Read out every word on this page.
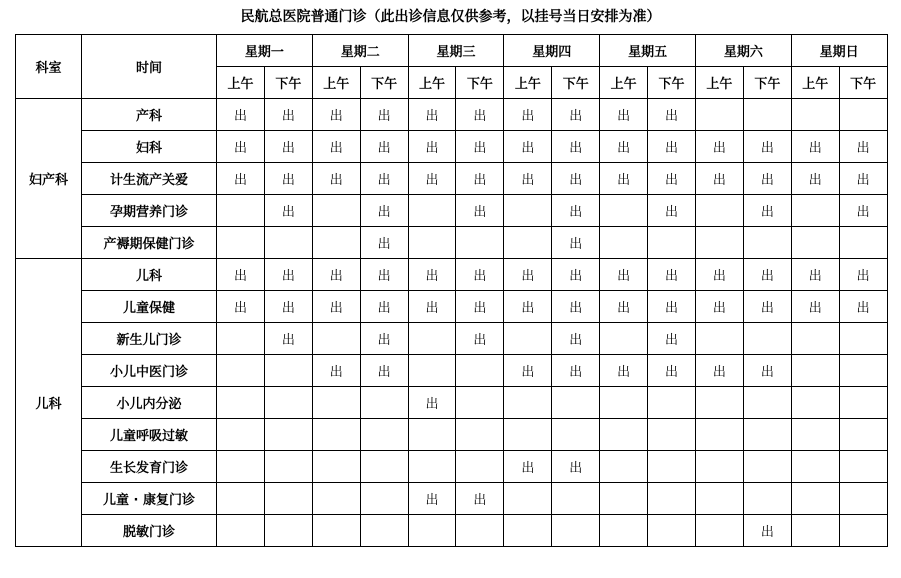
民航总医院普通门诊（此出诊信息仅供参考，以挂号当日安排为准）
科室	时间	星期一		星期二		星期三		星期四		星期五		星期六		星期日	
		上午	下午	上午	下午	上午	下午	上午	下午	上午	下午	上午	下午	上午	下午
妇产科	产科	出	出	出	出	出	出	出	出	出	出				
	妇科	出	出	出	出	出	出	出	出	出	出	出	出	出	出
	计生流产关爱	出	出	出	出	出	出	出	出	出	出	出	出	出	出
	孕期营养门诊		出		出		出		出		出		出		出
	产褥期保健门诊				出				出						
儿科	儿科	出	出	出	出	出	出	出	出	出	出	出	出	出	出
	儿童保健	出	出	出	出	出	出	出	出	出	出	出	出	出	出
	新生儿门诊		出		出		出		出		出				
	小儿中医门诊			出	出			出	出	出	出	出	出		
	小儿内分泌					出									
	儿童呼吸过敏														
	生长发育门诊							出	出						
	儿童 · 康复门诊					出	出								
	脱敏门诊												出		
